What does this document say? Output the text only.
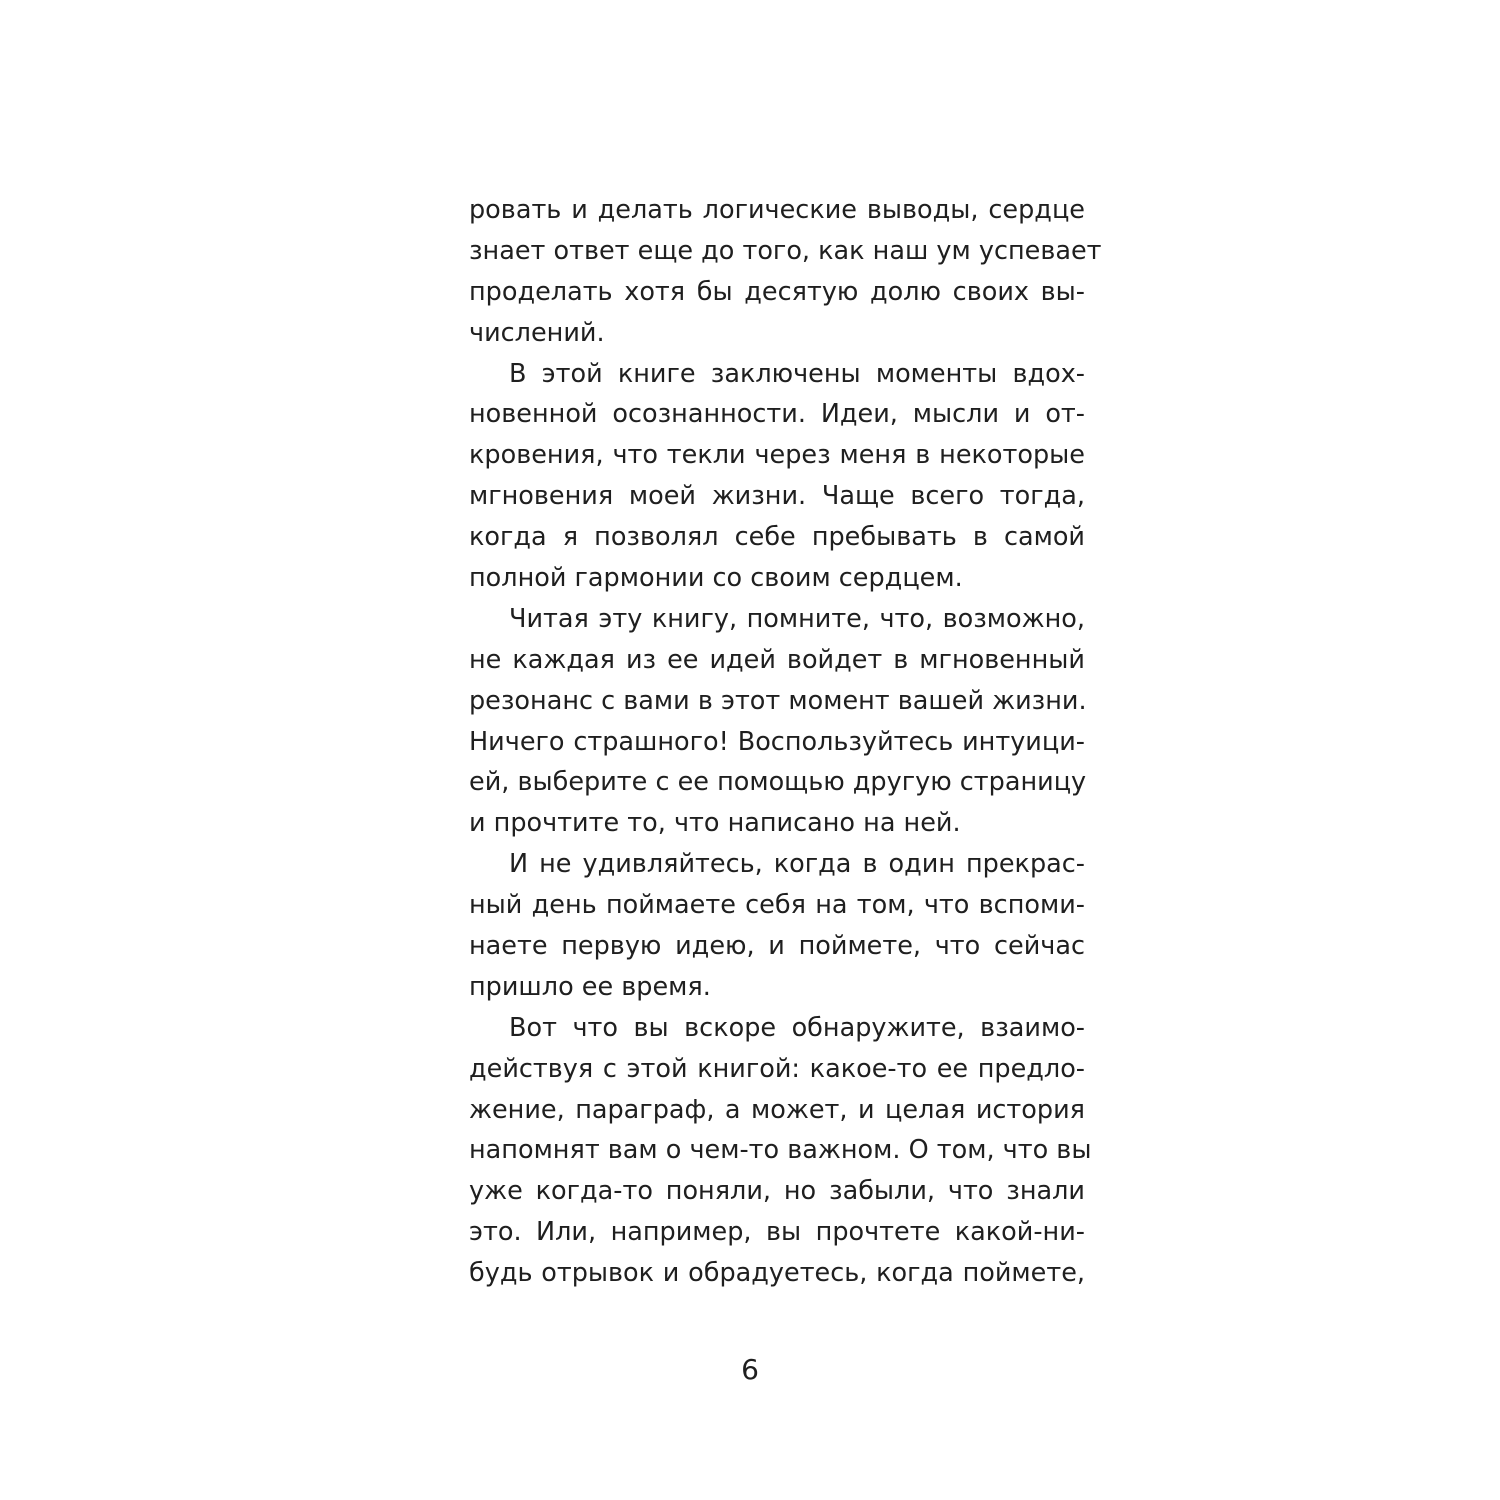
ровать и делать логические выводы, сердце
знает ответ еще до того, как наш ум успевает
проделать хотя бы десятую долю своих вы-
числений.
В этой книге заключены моменты вдох-
новенной осознанности. Идеи, мысли и от-
кровения, что текли через меня в некоторые
мгновения моей жизни. Чаще всего тогда,
когда я позволял себе пребывать в самой
полной гармонии со своим сердцем.
Читая эту книгу, помните, что, возможно,
не каждая из ее идей войдет в мгновенный
резонанс с вами в этот момент вашей жизни.
Ничего страшного! Воспользуйтесь интуици-
ей, выберите с ее помощью другую страницу
и прочтите то, что написано на ней.
И не удивляйтесь, когда в один прекрас-
ный день поймаете себя на том, что вспоми-
наете первую идею, и поймете, что сейчас
пришло ее время.
Вот что вы вскоре обнаружите, взаимо-
действуя с этой книгой: какое-то ее предло-
жение, параграф, а может, и целая история
напомнят вам о чем-то важном. О том, что вы
уже когда-то поняли, но забыли, что знали
это. Или, например, вы прочтете какой-ни-
будь отрывок и обрадуетесь, когда поймете,
6
